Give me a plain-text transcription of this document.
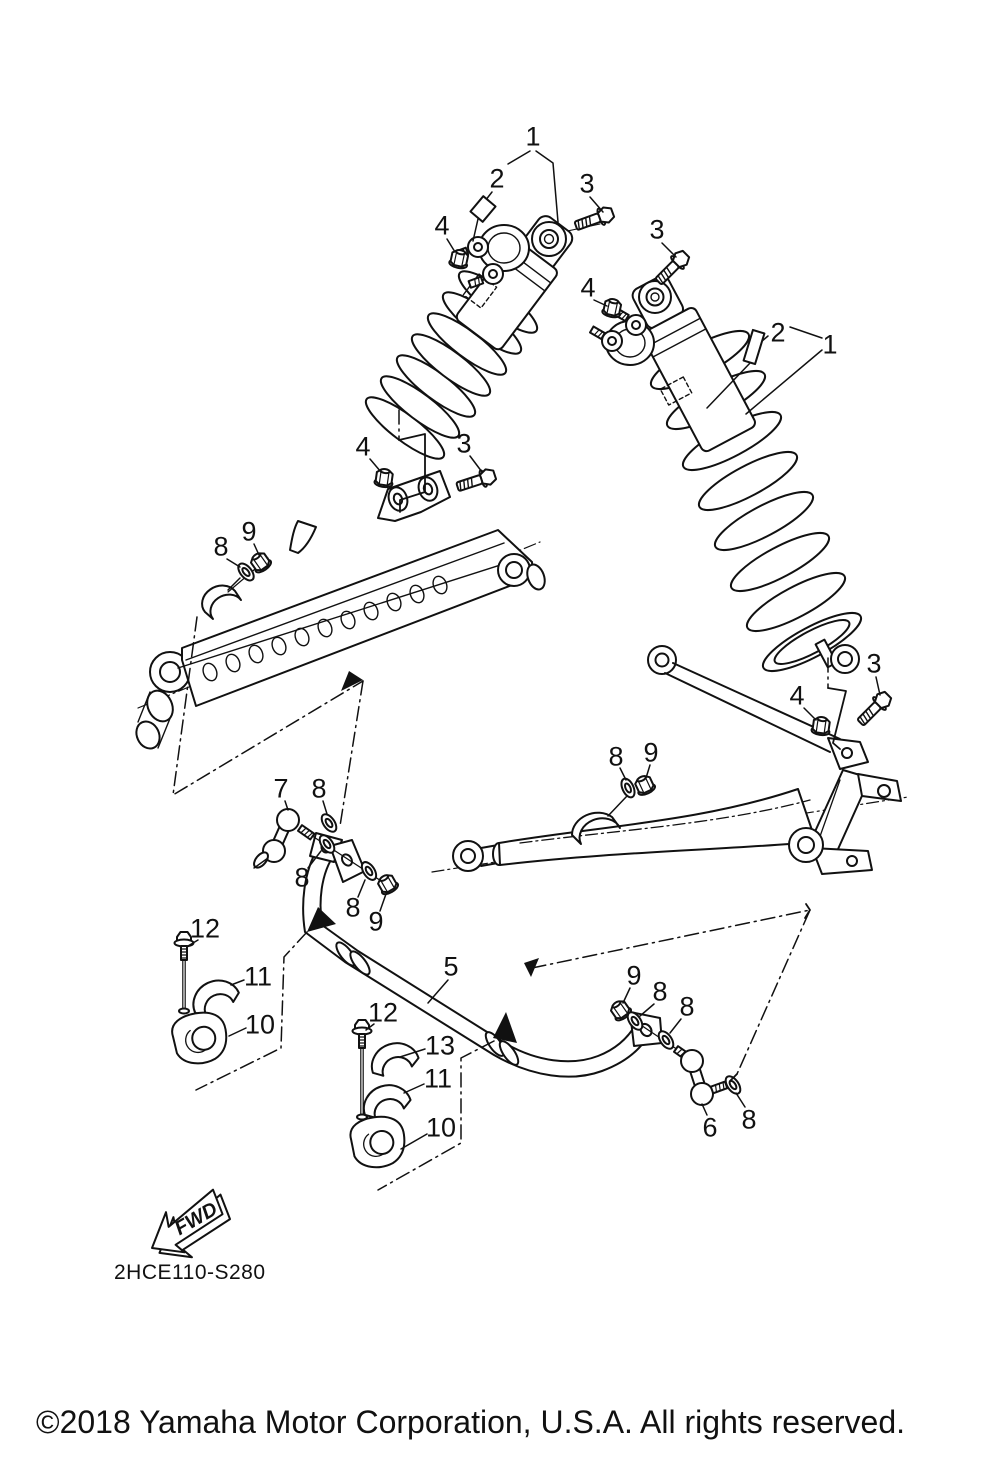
FWD
1
2	3
4	3
4
2 1
4	3
8 9
3
4
8 9
7 8
8
8 9
5
12
11
10	12
13
11
10
9
8 8
6 8
2HCE110-S280
©2018 Yamaha Motor Corporation, U.S.A. All rights reserved.
